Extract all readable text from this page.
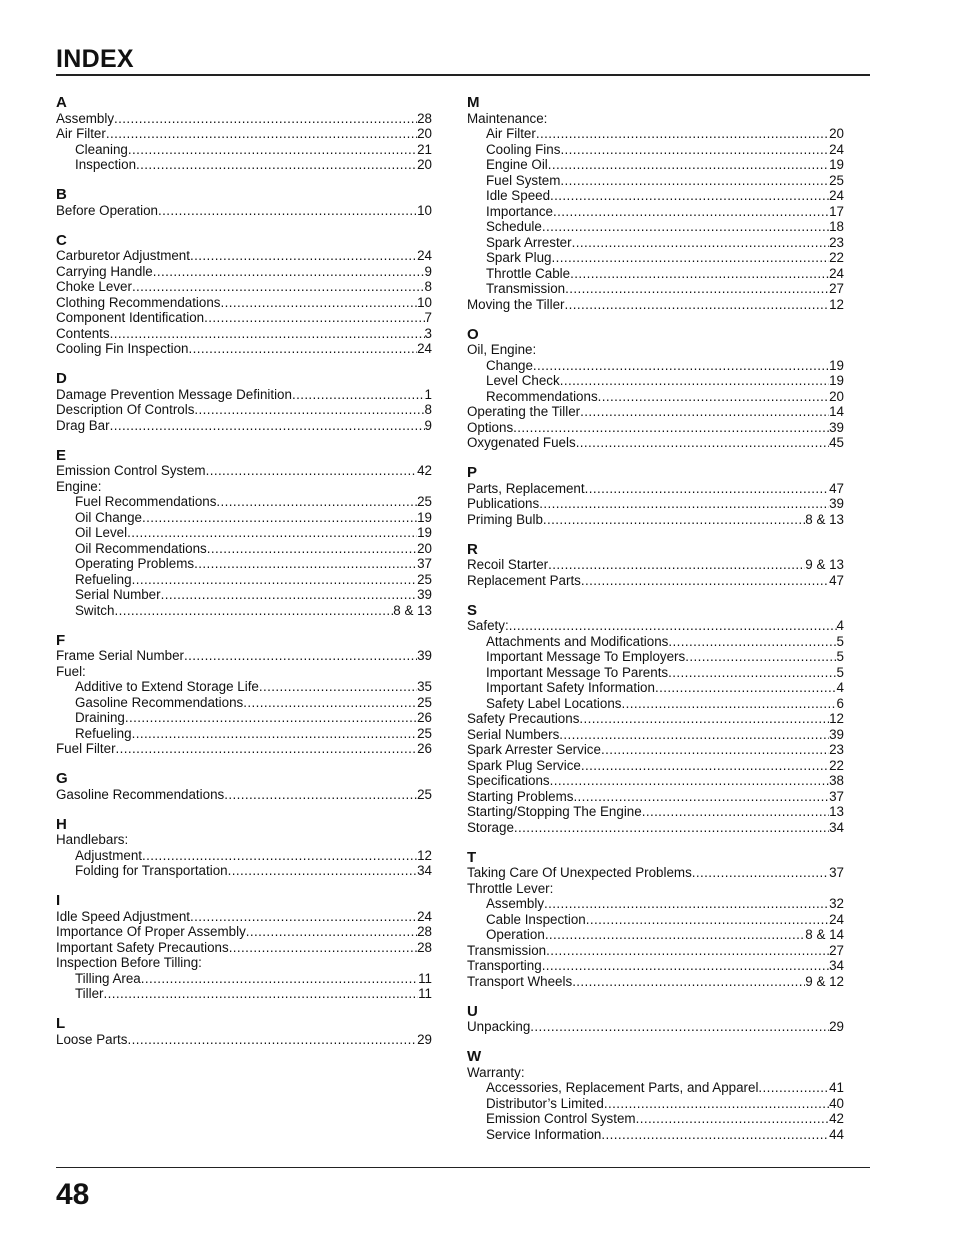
INDEX
A
Assembly .....	28
Air Filter .....	20
Cleaning .....	21
Inspection .....	20
B
Before Operation .....	10
C
Carburetor Adjustment .....	24
Carrying Handle .....	9
Choke Lever .....	8
Clothing Recommendations .....	10
Component Identification .....	7
Contents .....	3
Cooling Fin Inspection .....	24
D
Damage Prevention Message Definition .....	1
Description Of Controls .....	8
Drag Bar .....	9
E
Emission Control System .....	42
Engine:
Fuel Recommendations .....	25
Oil Change .....	19
Oil Level .....	19
Oil Recommendations .....	20
Operating Problems .....	37
Refueling .....	25
Serial Number .....	39
Switch .....	8 & 13
F
Frame Serial Number .....	39
Fuel:
Additive to Extend Storage Life .....	35
Gasoline Recommendations .....	25
Draining .....	26
Refueling .....	25
Fuel Filter .....	26
G
Gasoline Recommendations .....	25
H
Handlebars:
Adjustment .....	12
Folding for Transportation .....	34
I
Idle Speed Adjustment .....	24
Importance Of Proper Assembly .....	28
Important Safety Precautions .....	28
Inspection Before Tilling:
Tilling Area .....	11
Tiller .....	11
L
Loose Parts .....	29
M
Maintenance:
Air Filter .....	20
Cooling Fins .....	24
Engine Oil .....	19
Fuel System .....	25
Idle Speed .....	24
Importance .....	17
Schedule .....	18
Spark Arrester .....	23
Spark Plug .....	22
Throttle Cable .....	24
Transmission .....	27
Moving the Tiller .....	12
O
Oil, Engine:
Change .....	19
Level Check .....	19
Recommendations .....	20
Operating the Tiller .....	14
Options .....	39
Oxygenated Fuels .....	45
P
Parts, Replacement .....	47
Publications .....	39
Priming Bulb .....	8 & 13
R
Recoil Starter .....	9 & 13
Replacement Parts .....	47
S
Safety: .....	4
Attachments and Modifications .....	5
Important Message To Employers .....	5
Important Message To Parents .....	5
Important Safety Information .....	4
Safety Label Locations .....	6
Safety Precautions .....	12
Serial Numbers .....	39
Spark Arrester Service .....	23
Spark Plug Service .....	22
Specifications .....	38
Starting Problems .....	37
Starting/Stopping The Engine .....	13
Storage .....	34
T
Taking Care Of Unexpected Problems .....	37
Throttle Lever:
Assembly .....	32
Cable Inspection .....	24
Operation .....	8 & 14
Transmission .....	27
Transporting .....	34
Transport Wheels .....	9 & 12
U
Unpacking .....	29
W
Warranty:
Accessories, Replacement Parts, and Apparel .....	41
Distributor’s Limited .....	40
Emission Control System .....	42
Service Information .....	44
48
